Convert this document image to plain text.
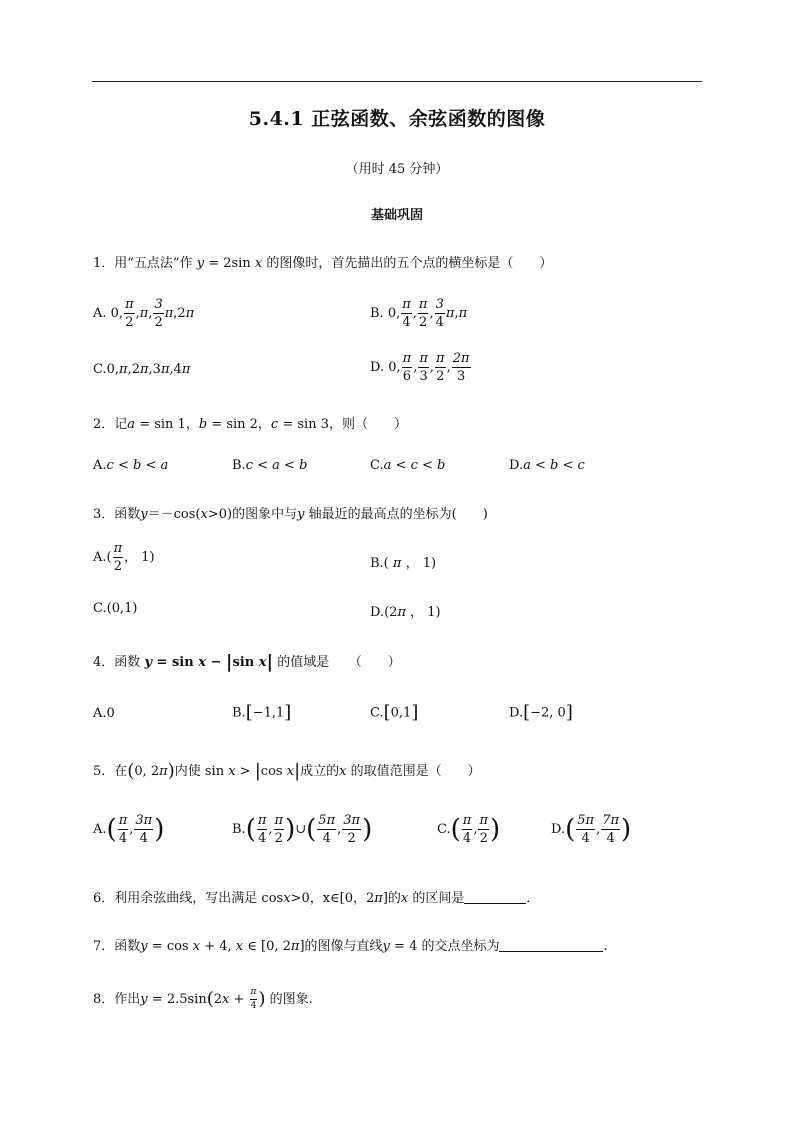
5.4.1 正弦函数、余弦函数的图像
（用时 45 分钟）
基础巩固
1．用“五点法”作 y = 2sin x 的图像时，首先描出的五个点的横坐标是（　　）
A. 0, $\frac{\pi}{2} ,\pi$, $\frac{3}{2} \pi,2\pi$	B. 0, $\frac{\pi}{4}$ , $\frac{\pi}{2}$ , $\frac{3}{4} \pi,\pi$
C.0,π,2π,3π,4π	D. 0, $\frac{\pi}{6}$ , $\frac{\pi}{3}$ , $\frac{\pi}{2}$ , $\frac{2\pi}{3}$
2．记a = sin 1，b = sin 2，c = sin 3，则（　　）
A.c < b < a	B.c < a < b	C.a < c < b	D.a < b < c
3．函数y＝－cos(x>0)的图象中与y 轴最近的最高点的坐标为(　　)
$A.( \frac{\pi}{2}$ ， 1)	B.( π ， 1)
C.(0,1)	D.(2π ， 1)
4．函数 y = sin x − |sin x| 的值域是　　（　　）
A.0	B.[−1,1]	C.[0,1]	D.[−2, 0]
5．在(0, 2π)内使 sin x > |cos x|成立的x 的取值范围是（　　）
$A.( \frac{\pi}{4}$ , $\frac{3\pi}{4}$ )	$B.( \frac{\pi}{4}$ , $\frac{\pi}{2}$ )∪( $\frac{5\pi}{4}$ , $\frac{3\pi}{2}$ )	$C.( \frac{\pi}{4}$ , $\frac{\pi}{2}$ )	$D.( \frac{5\pi}{4}$ , $\frac{7\pi}{4}$ )
6．利用余弦曲线，写出满足 cosx>0，x∈[0，2π]的x 的区间是	．
7．函数y = cos x + 4, x ∈ [0, 2π]的图像与直线y = 4 的交点坐标为	.
8．作出$y = 2.5\sin(2x + \frac{\pi}{4}$ ) 的图象.
